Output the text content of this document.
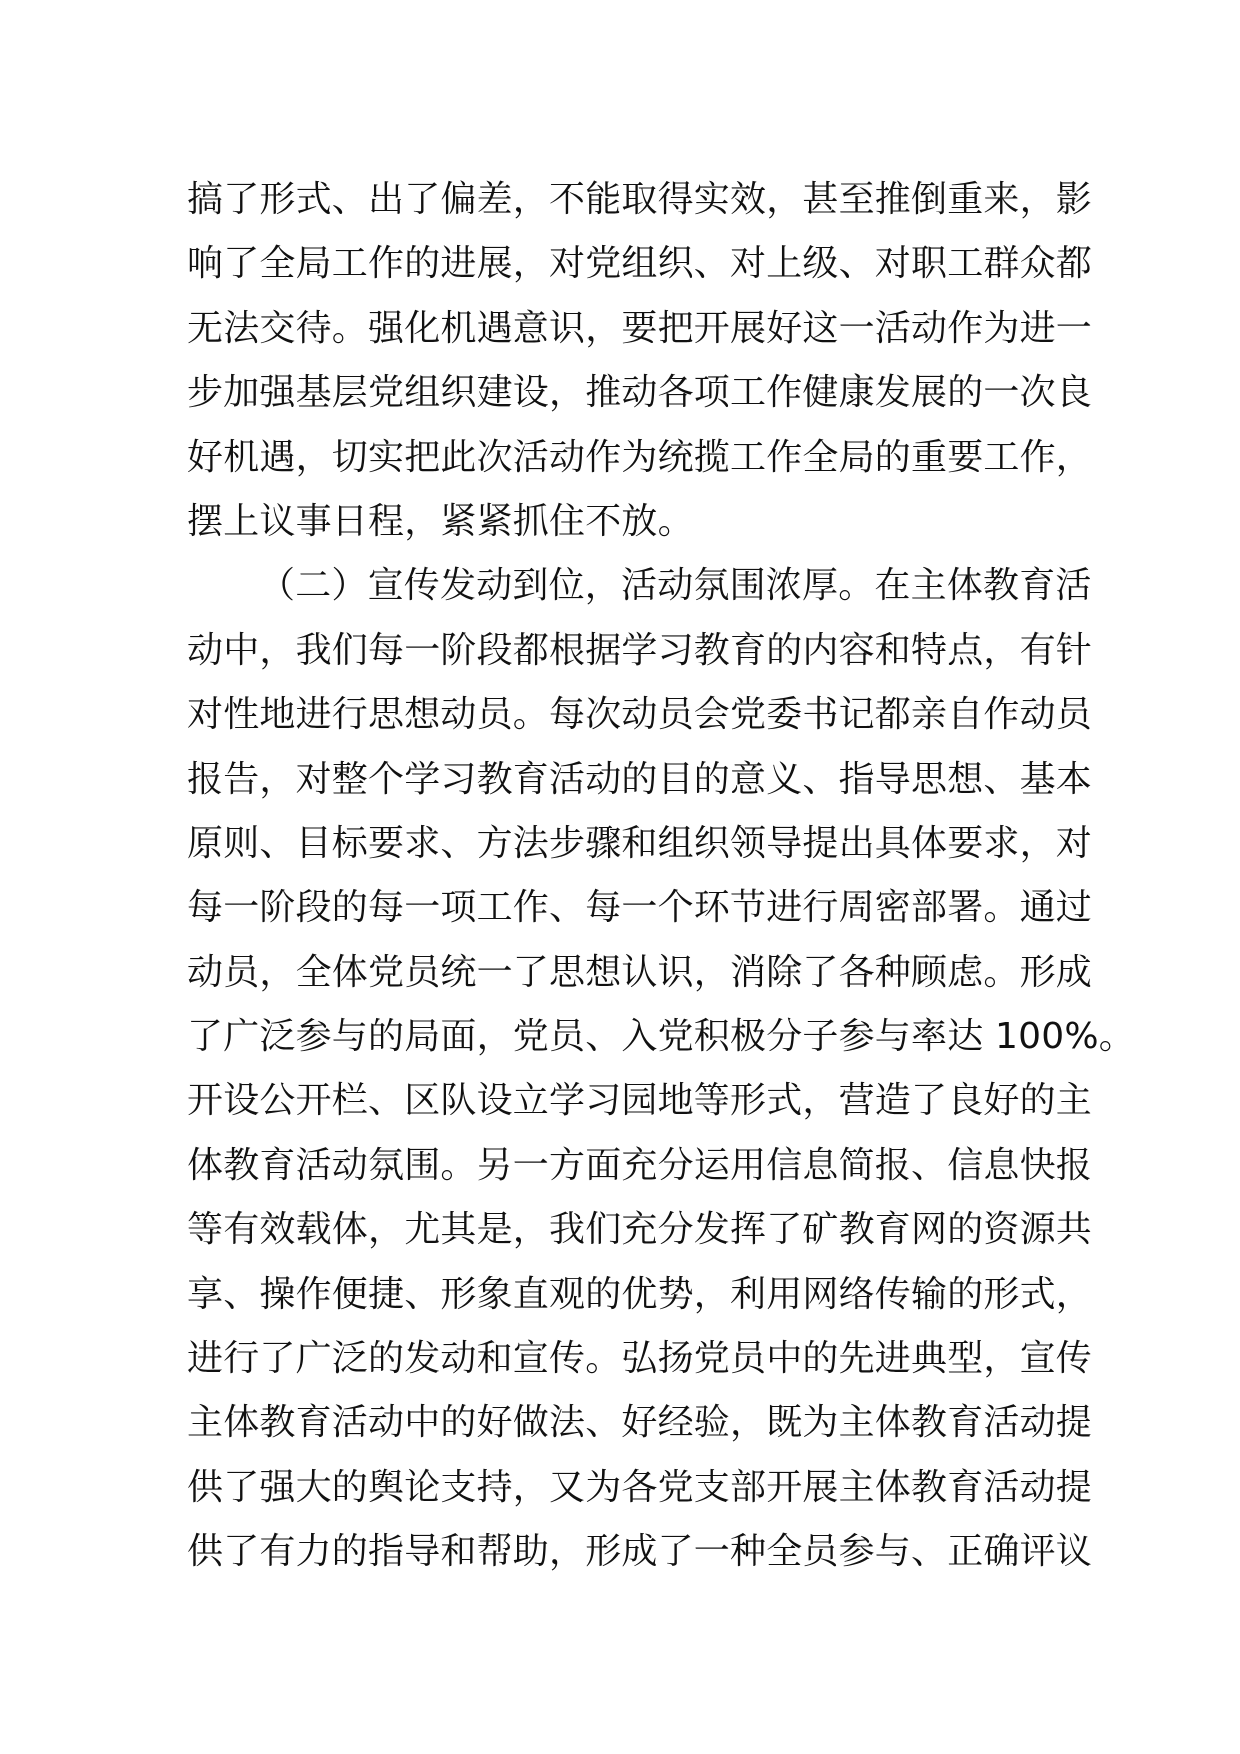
搞了形式、出了偏差，不能取得实效，甚至推倒重来，影
响了全局工作的进展，对党组织、对上级、对职工群众都
无法交待。强化机遇意识，要把开展好这一活动作为进一
步加强基层党组织建设，推动各项工作健康发展的一次良
好机遇，切实把此次活动作为统揽工作全局的重要工作，
摆上议事日程，紧紧抓住不放。
（二）宣传发动到位，活动氛围浓厚。在主体教育活
动中，我们每一阶段都根据学习教育的内容和特点，有针
对性地进行思想动员。每次动员会党委书记都亲自作动员
报告，对整个学习教育活动的目的意义、指导思想、基本
原则、目标要求、方法步骤和组织领导提出具体要求，对
每一阶段的每一项工作、每一个环节进行周密部署。通过
动员，全体党员统一了思想认识，消除了各种顾虑。形成
了广泛参与的局面，党员、入党积极分子参与率达 100%。
开设公开栏、区队设立学习园地等形式，营造了良好的主
体教育活动氛围。另一方面充分运用信息简报、信息快报
等有效载体，尤其是，我们充分发挥了矿教育网的资源共
享、操作便捷、形象直观的优势，利用网络传输的形式，
进行了广泛的发动和宣传。弘扬党员中的先进典型，宣传
主体教育活动中的好做法、好经验，既为主体教育活动提
供了强大的舆论支持，又为各党支部开展主体教育活动提
供了有力的指导和帮助，形成了一种全员参与、正确评议
